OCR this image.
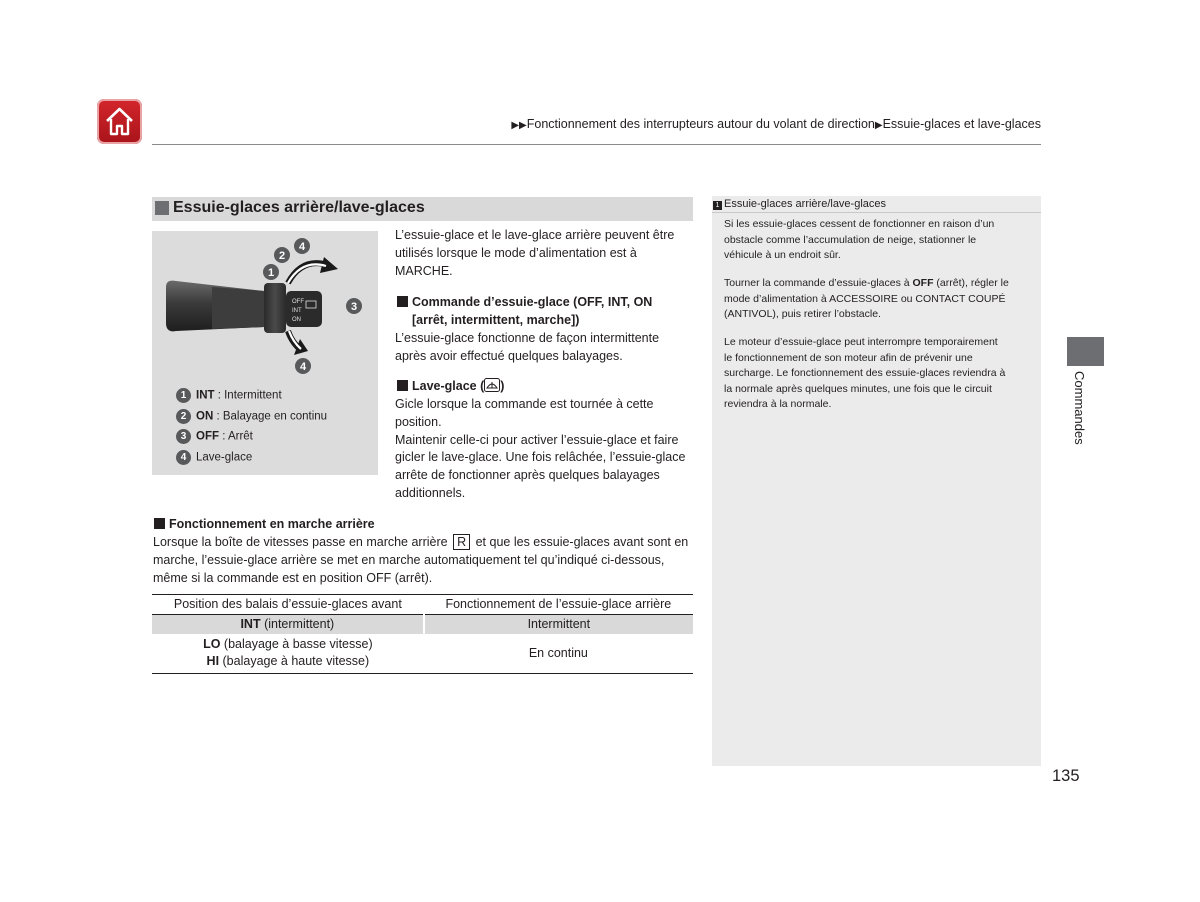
▶▶Fonctionnement des interrupteurs autour du volant de direction▶Essuie-glaces et lave-glaces
Essuie-glaces arrière/lave-glaces
OFF
INT
ON
1
2
4
3
4
1 INT : Intermittent
2 ON : Balayage en continu
3 OFF : Arrêt
4 Lave-glace
L’essuie-glace et le lave-glace arrière peuvent être
utilisés lorsque le mode d’alimentation est à
MARCHE.
Commande d’essuie-glace (OFF, INT, ON
[arrêt, intermittent, marche])
L’essuie-glace fonctionne de façon intermittente
après avoir effectué quelques balayages.
Lave-glace ( )
Gicle lorsque la commande est tournée à cette
position.
Maintenir celle-ci pour activer l’essuie-glace et faire
gicler le lave-glace. Une fois relâchée, l’essuie-glace
arrête de fonctionner après quelques balayages
additionnels.
Fonctionnement en marche arrière
Lorsque la boîte de vitesses passe en marche arrière R et que les essuie-glaces avant sont en
marche, l’essuie-glace arrière se met en marche automatiquement tel qu’indiqué ci-dessous,
même si la commande est en position OFF (arrêt).
Position des balais d’essuie-glaces avant	Fonctionnement de l’essuie-glace arrière
INT (intermittent)	Intermittent

LO (balayage à basse vitesse)
HI (balayage à haute vitesse)	En continu
1 Essuie-glaces arrière/lave-glaces
Si les essuie-glaces cessent de fonctionner en raison d’un
obstacle comme l’accumulation de neige, stationner le
véhicule à un endroit sûr.
Tourner la commande d’essuie-glaces à OFF (arrêt), régler le
mode d’alimentation à ACCESSOIRE ou CONTACT COUPÉ
(ANTIVOL), puis retirer l’obstacle.
Le moteur d’essuie-glace peut interrompre temporairement
le fonctionnement de son moteur afin de prévenir une
surcharge. Le fonctionnement des essuie-glaces reviendra à
la normale après quelques minutes, une fois que le circuit
reviendra à la normale.	Commandes
135
